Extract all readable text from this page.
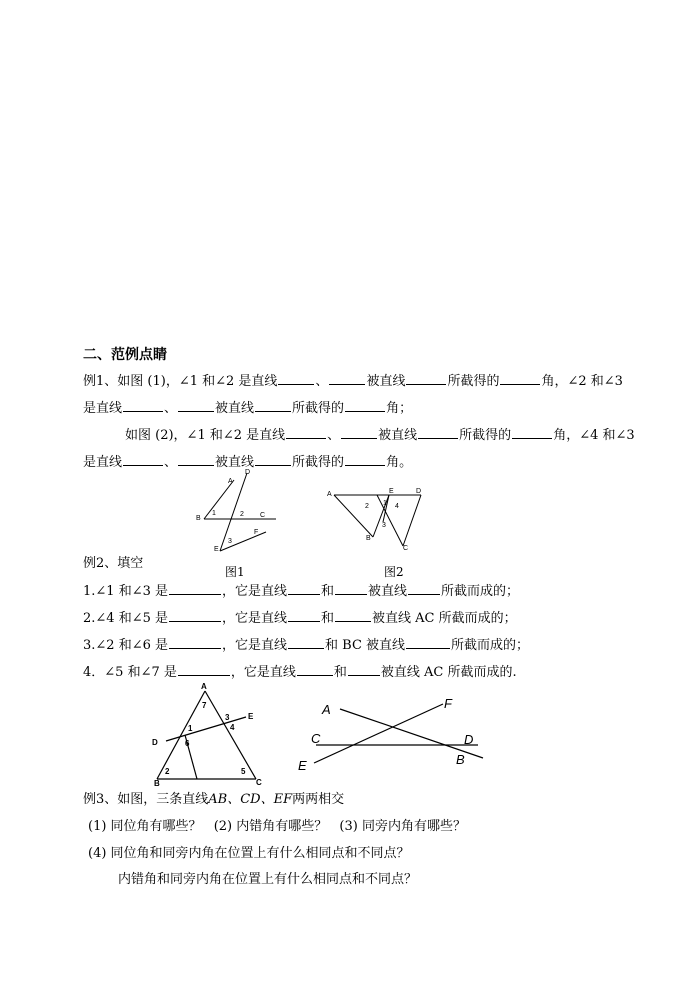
二、范例点睛
例1、如图 (1)，∠1 和∠2 是直线	、	被直线	所截得的	角，∠2 和∠3
是直线	、	被直线	所截得的	角；
如图 (2)，∠1 和∠2 是直线	、	被直线	所截得的	角，∠4 和∠3
是直线	、	被直线	所截得的	角。
D
A
B
1	2 C
E
3
F
图1
A	E	D
2 1 4
3
B
C
图2
例2、填空
1.∠1 和∠3 是	，它是直线	和	被直线	所截而成的；
2.∠4 和∠5 是	，它是直线	和	被直线 AC 所截而成的；
3.∠2 和∠6 是	，它是直线	和 BC 被直线	所截而成的；
4．∠5 和∠7 是	，它是直线	和	被直线 AC 所截而成的.
A
7
3 E
1	4
D	6
B
2	5
C
A	F
C	D
E	B
例3、如图，三条直线AB、CD、EF两两相交
(1) 同位角有哪些？ (2) 内错角有哪些？ (3) 同旁内角有哪些？
(4) 同位角和同旁内角在位置上有什么相同点和不同点？
内错角和同旁内角在位置上有什么相同点和不同点？
